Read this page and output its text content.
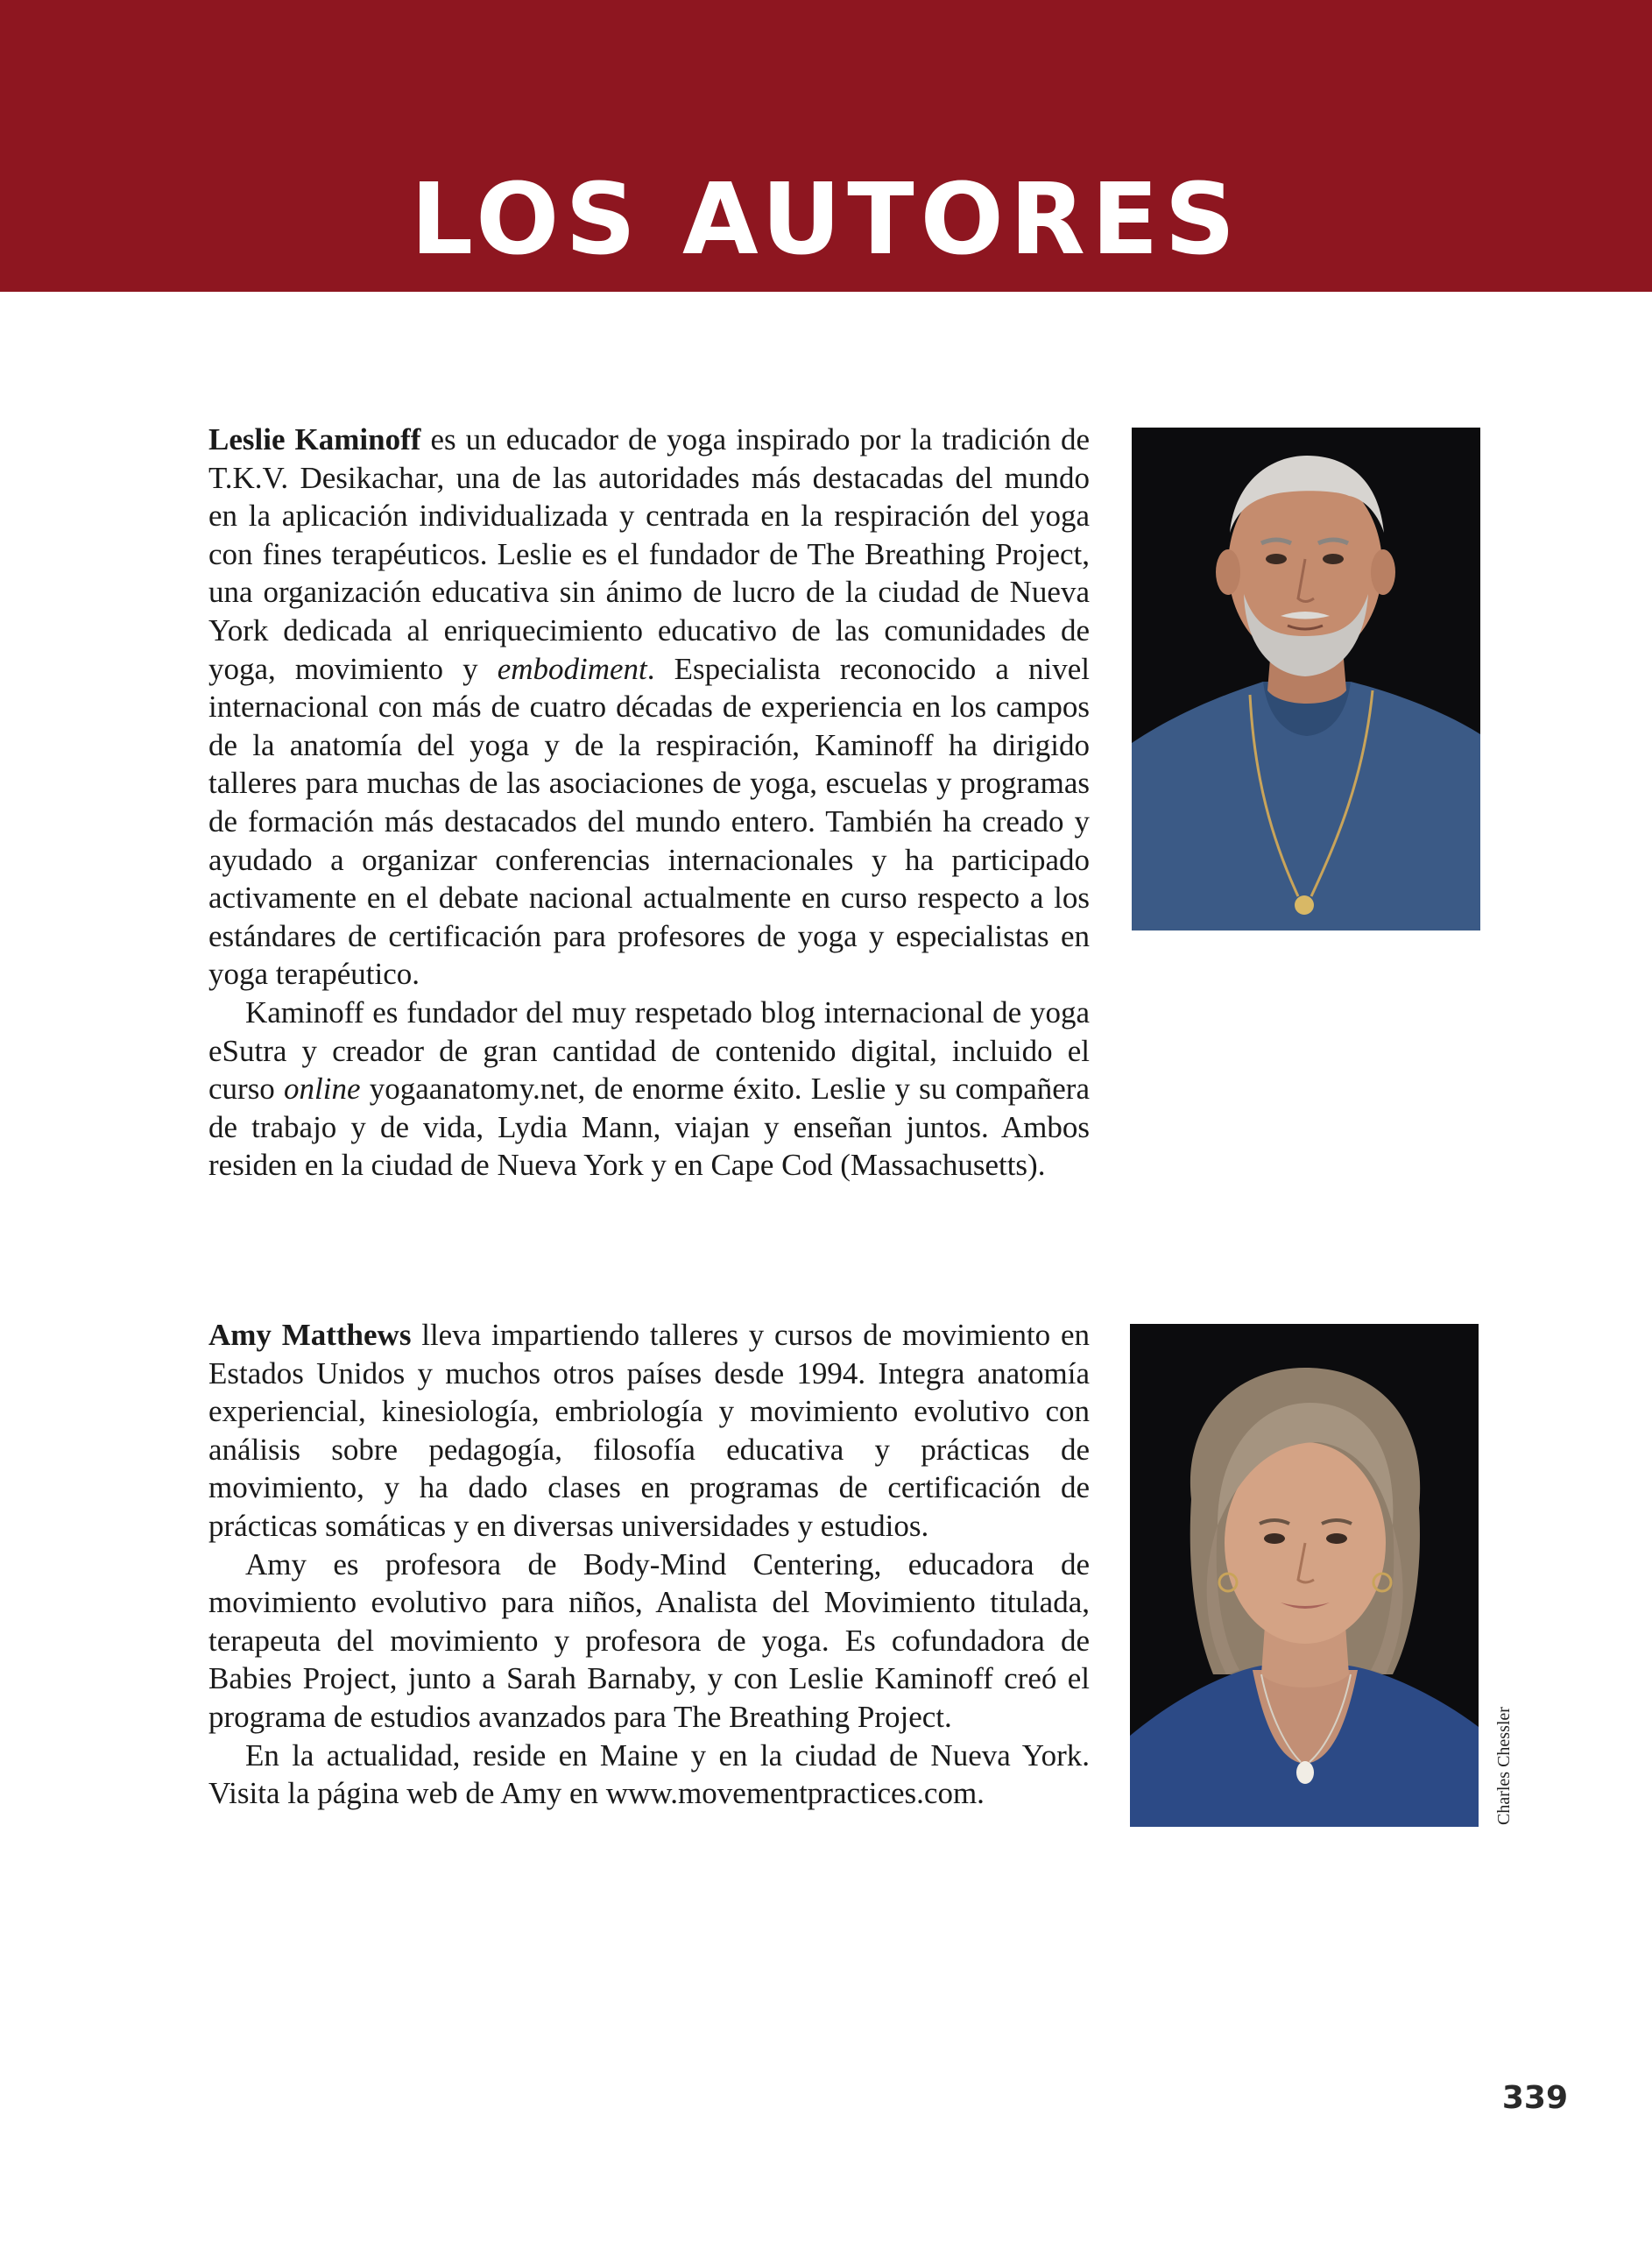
LOS AUTORES

Leslie Kaminoff es un educador de yoga inspirado por la tradición de T.K.V. Desikachar, una de las autoridades más destacadas del mundo en la aplicación individualizada y centrada en la respiración del yoga con fines terapéuticos. Leslie es el fundador de The Breathing Project, una organización educativa sin ánimo de lucro de la ciudad de Nueva York dedicada al enriquecimiento educativo de las comunidades de yoga, movimiento y embodiment. Especialista reconocido a nivel internacional con más de cuatro décadas de experiencia en los campos de la anatomía del yoga y de la respiración, Kaminoff ha dirigido talleres para muchas de las asociaciones de yoga, escuelas y programas de formación más destacados del mundo entero. También ha creado y ayudado a organizar conferencias internacionales y ha participado activamente en el debate nacional actualmente en curso respecto a los estándares de certificación para profesores de yoga y especialistas en yoga terapéutico.

Kaminoff es fundador del muy respetado blog internacional de yoga eSutra y creador de gran cantidad de contenido digital, incluido el curso online yogaanatomy.net, de enorme éxito. Leslie y su compañera de trabajo y de vida, Lydia Mann, viajan y enseñan juntos. Ambos residen en la ciudad de Nueva York y en Cape Cod (Massachusetts).

Amy Matthews lleva impartiendo talleres y cursos de movimiento en Estados Unidos y muchos otros países desde 1994. Integra anatomía experiencial, kinesiología, embriología y movimiento evolutivo con análisis sobre pedagogía, filosofía educativa y prácticas de movimiento, y ha dado clases en programas de certificación de prácticas somáticas y en diversas universidades y estudios.

Amy es profesora de Body-Mind Centering, educadora de movimiento evolutivo para niños, Analista del Movimiento titulada, terapeuta del movimiento y profesora de yoga. Es cofundadora de Babies Project, junto a Sarah Barnaby, y con Leslie Kaminoff creó el programa de estudios avanzados para The Breathing Project.

En la actualidad, reside en Maine y en la ciudad de Nueva York. Visita la página web de Amy en www.movementpractices.com.	Charles Chessler
339
